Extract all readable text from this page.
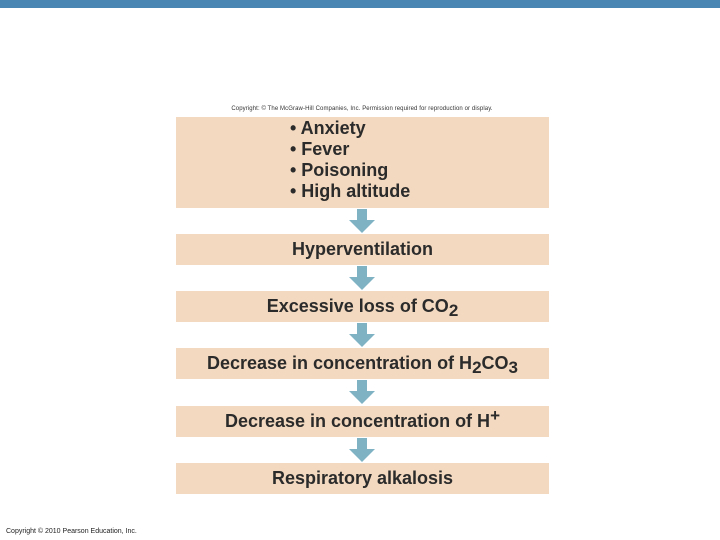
Copyright: © The McGraw-Hill Companies, Inc. Permission required for reproduction or display.
• Anxiety
• Fever
• Poisoning
• High altitude
Hyperventilation
Excessive loss of $CO_2$
Decrease in concentration of $H_2$ $CO_3$
Decrease in concentration of H+
Respiratory alkalosis
Copyright © 2010 Pearson Education, Inc.
